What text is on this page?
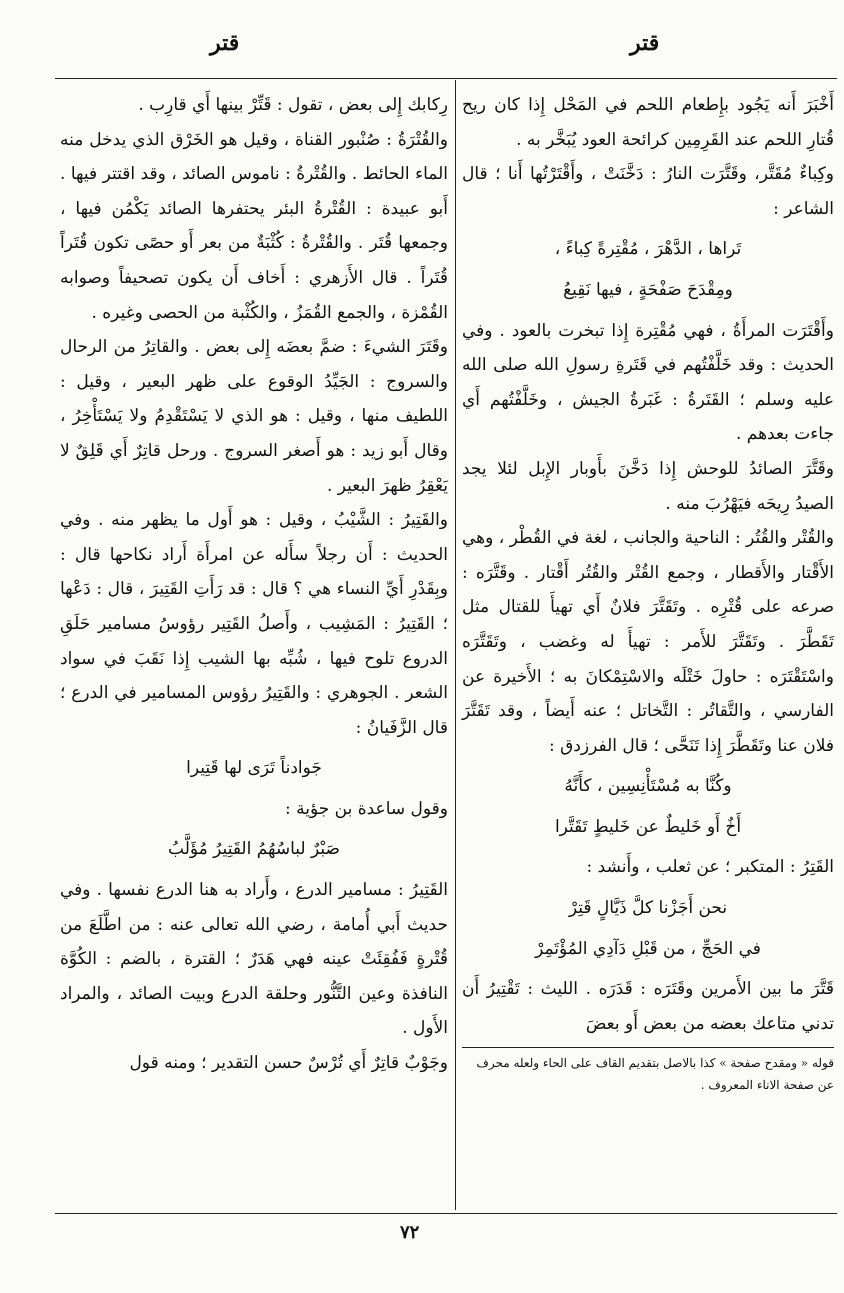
قتر
قتر

أَخْبَرَ أَنه يَجُود بإِطعام اللحم في المَحْل إِذا كان ريح قُتارِ اللحم عند القَرِمِين كرائحة العود يُبَخَّر به .

وكِباءٌ مُقَتَّر، وقَتَّرَت النارُ : دَخَّنَتْ ، وأَقْتَرْتُها أَنا ؛ قال الشاعر :

تَراها ، الدَّهْرَ ، مُقْتِرةً كِباءً ،

ومِقْدَحَ صَفْحَةٍ ، فيها نَقِيعُ

وأَقْتَرَت المرأَةُ ، فهي مُقْتِرة إِذا تبخرت بالعود . وفي الحديث : وقد خَلَّفْتُهم في قَتَرةِ رسولِ الله صلى الله عليه وسلم ؛ القَتَرةُ : غَبَرةُ الجيش ، وخَلَّفْتُهم أَي جاءت بعدهم .

وقَتَّرَ الصائدُ للوحش إِذا دَخَّنَ بأَوبار الإِبل لئلا يجد الصيدُ رِيحَه فيَهْرُبَ منه .

والقُتْر والقُتُر : الناحية والجانب ، لغة في القُطْر ، وهي الأَقْتار والأَقطار ، وجمع القُتْر والقُتُر أَقْتار . وقَتَّرَه : صرعه على قُتْرِه . وتَقَتَّرَ فلانٌ أَي تهيأَ للقتال مثل تَقَطَّرَ . وتَقَتَّرَ للأَمر : تهيأَ له وغضب ، وتَقَتَّرَه واسْتَقْتَرَه : حاولَ خَتْلَه والاسْتِمْكانَ به ؛ الأَخيرة عن الفارسي ، والتَّقاتُر : التَّخاتل ؛ عنه أَيضاً ، وقد تَقَتَّرَ فلان عنا وتَقَطَّرَ إِذا تَنَحَّى ؛ قال الفرزدق :

وكُنَّا به مُسْتَأْنِسِين ، كأَنَّهُ

أَخٌ أَو خَليطٌ عن خَليطٍ تَقَتَّرا

القَتِرُ : المتكبر ؛ عن ثعلب ، وأَنشد :

نحن أَجَزْنا كلَّ ذَيَّالٍ قَتِرْ

في الحَجِّ ، من قَبْلِ دَآدِي المُؤْتَمِرْ

قَتَّرَ ما بين الأَمرين وقَتَرَه : قَدَرَه . الليث : تَقْتِيرُ أَن تدني متاعك بعضه من بعض أَو بعضَ

قوله « ومقدح صفحة » كذا بالاصل بتقديم القاف على الحاء ولعله محرف عن صفحة الاناء المعروف .

رِكابك إِلى بعض ، تقول : قَتِّرْ بينها أَي قارِب .

والقُتْرَةُ : صُنْبور القناة ، وقيل هو الخَرْق الذي يدخل منه الماء الحائط . والقُتْرةُ : ناموس الصائد ، وقد اقتتر فيها . أَبو عبيدة : القُتْرةُ البئر يحتفرها الصائد يَكْمُن فيها ، وجمعها قُتَر . والقُتْرةُ : كُثْبَةٌ من بعر أَو حصًى تكون قُتَراً قُتَراً . قال الأَزهري : أَخاف أَن يكون تصحيفاً وصوابه القُمْزة ، والجمع القُمَزُ ، والكُثْبة من الحصى وغيره .

وقَتَرَ الشيءَ : ضمَّ بعضَه إِلى بعض . والقاتِرُ من الرحال والسروج : الجَيِّدُ الوقوع على ظهر البعير ، وقيل : اللطيف منها ، وقيل : هو الذي لا يَسْتَقْدِمُ ولا يَسْتَأْخِرُ ، وقال أَبو زيد : هو أَصغر السروج . ورحل قاتِرٌ أَي قَلِقٌ لا يَعْقِرُ ظهرَ البعير .

والقَتِيرُ : الشَّيْبُ ، وقيل : هو أَول ما يظهر منه . وفي الحديث : أَن رجلاً سأَله عن امرأَة أَراد نكاحها قال : وبِقَدْرِ أَيِّ النساء هي ؟ قال : قد رَأَتِ القَتِيرَ ، قال : دَعْها ؛ القَتِيرُ : المَشِيب ، وأَصلُ القَتِير رؤوسُ مسامير حَلَقِ الدروع تلوح فيها ، شُبِّه بها الشيب إِذا نَقَبَ في سواد الشعر . الجوهري : والقَتِيرُ رؤوس المسامير في الدرع ؛ قال الزَّفَيانُ :

جَوادناً تَرَى لها قَتِيرا

وقول ساعدة بن جؤية :

صَبْرٌ لباسُهُمُ القَتِيرُ مُؤَلَّبُ

القَتِيرُ : مسامير الدرع ، وأَراد به هنا الدرع نفسها . وفي حديث أَبي أُمامة ، رضي الله تعالى عنه : من اطَّلَعَ من قُتْرةٍ فَفُقِئَتْ عينه فهي هَدَرٌ ؛ القترة ، بالضم : الكُوَّة النافذة وعين التَّنُّور وحلقة الدرع وبيت الصائد ، والمراد الأَول .

وجَوْبٌ قاتِرٌ أَي تُرْسٌ حسن التقدير ؛ ومنه قول

٧٢
